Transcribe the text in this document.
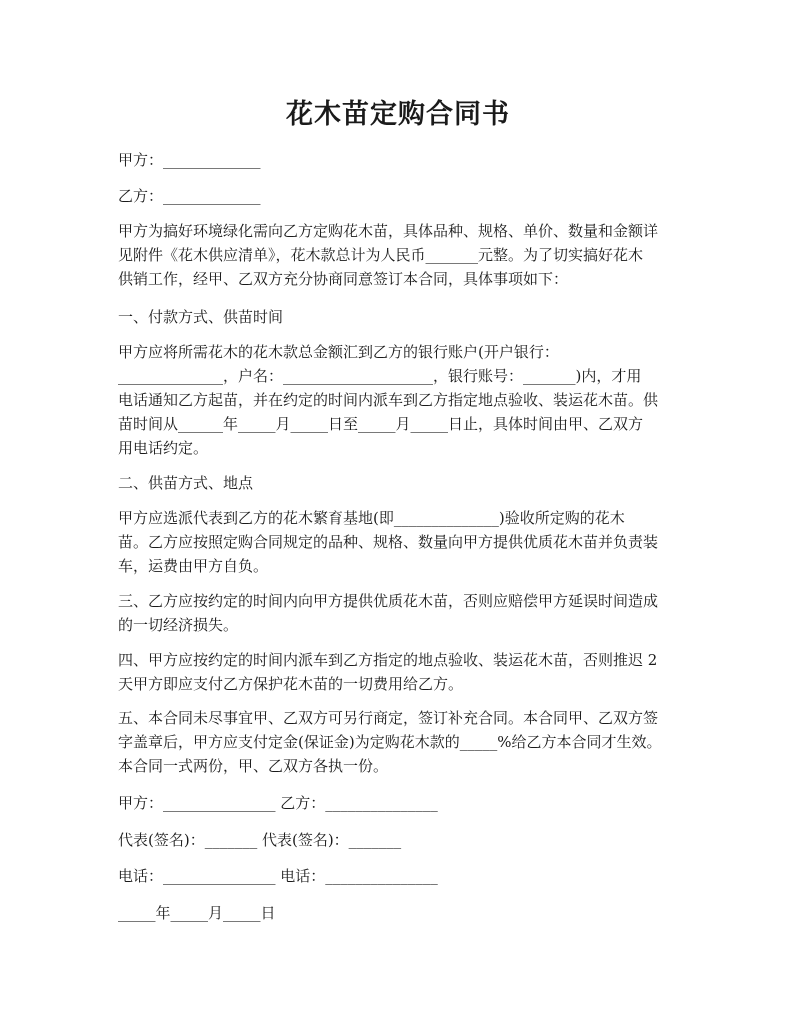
花木苗定购合同书
甲方：_____________
乙方：_____________
甲方为搞好环境绿化需向乙方定购花木苗，具体品种、规格、单价、数量和金额详
见附件《花木供应清单》，花木款总计为人民币_______元整。为了切实搞好花木
供销工作，经甲、乙双方充分协商同意签订本合同，具体事项如下：
一、付款方式、供苗时间
甲方应将所需花木的花木款总金额汇到乙方的银行账户(开户银行：
______________，户名：____________________，银行账号：_______)内，才用
电话通知乙方起苗，并在约定的时间内派车到乙方指定地点验收、装运花木苗。供
苗时间从______年_____月_____日至_____月_____日止，具体时间由甲、乙双方
用电话约定。
二、供苗方式、地点
甲方应选派代表到乙方的花木繁育基地(即______________)验收所定购的花木
苗。乙方应按照定购合同规定的品种、规格、数量向甲方提供优质花木苗并负责装
车，运费由甲方自负。
三、乙方应按约定的时间内向甲方提供优质花木苗，否则应赔偿甲方延误时间造成
的一切经济损失。
四、甲方应按约定的时间内派车到乙方指定的地点验收、装运花木苗，否则推迟 2
天甲方即应支付乙方保护花木苗的一切费用给乙方。
五、本合同未尽事宜甲、乙双方可另行商定，签订补充合同。本合同甲、乙双方签
字盖章后，甲方应支付定金(保证金)为定购花木款的_____%给乙方本合同才生效。
本合同一式两份，甲、乙双方各执一份。
甲方：_______________ 乙方：_______________
代表(签名)：_______ 代表(签名)：_______
电话：_______________ 电话：_______________
_____年_____月_____日
